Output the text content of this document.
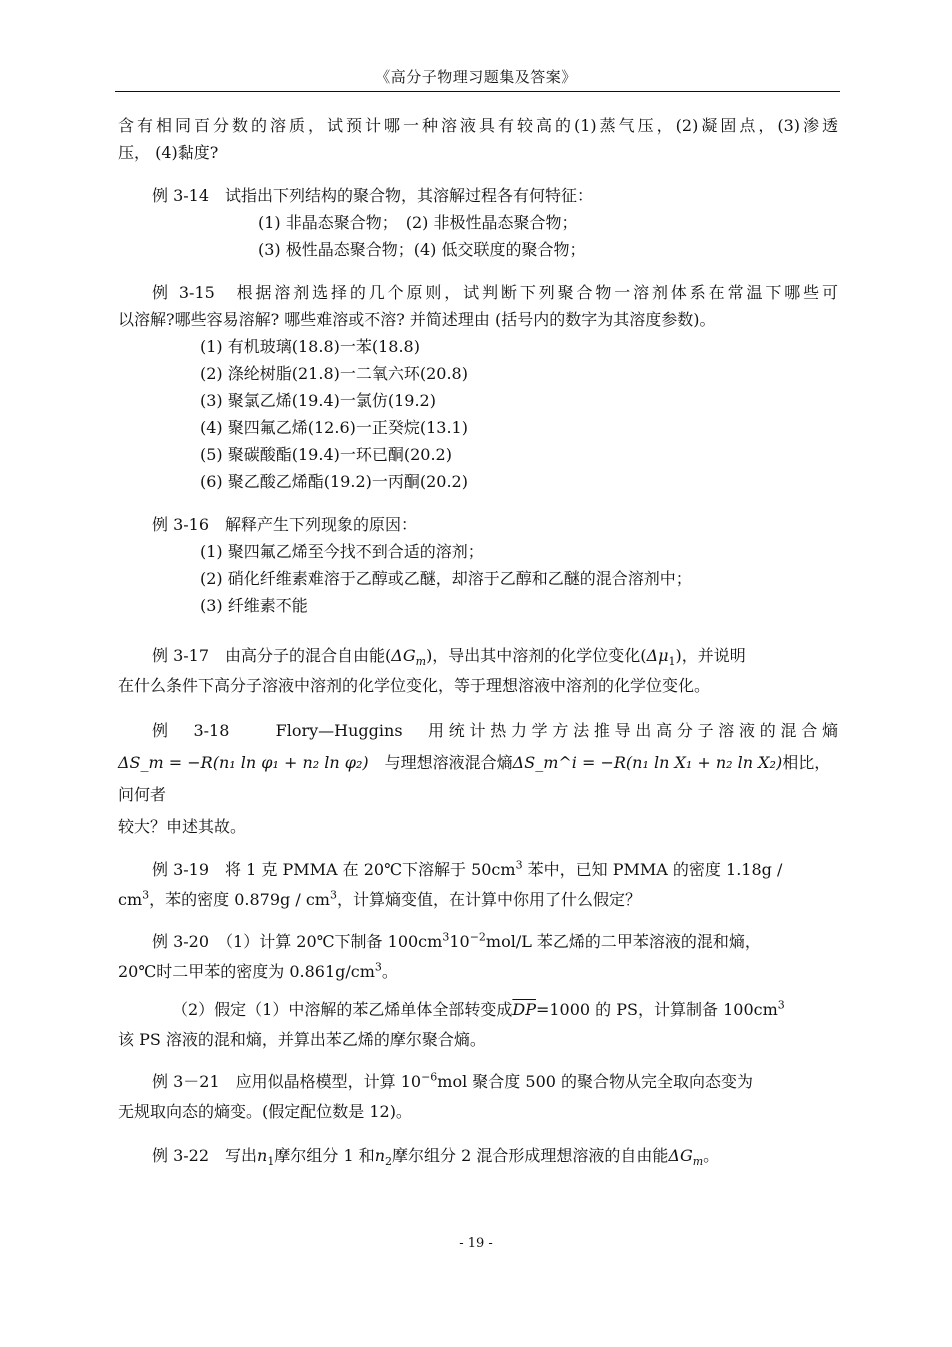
《高分子物理习题集及答案》

含有相同百分数的溶质，试预计哪一种溶液具有较高的(1)蒸气压，(2)凝固点，(3)渗透

压， (4)黏度?

例 3-14　试指出下列结构的聚合物，其溶解过程各有何特征：

(1) 非晶态聚合物；　(2) 非极性晶态聚合物；

(3) 极性晶态聚合物；(4) 低交联度的聚合物；

例 3-15　根据溶剂选择的几个原则，试判断下列聚合物一溶剂体系在常温下哪些可

以溶解?哪些容易溶解? 哪些难溶或不溶? 并简述理由 (括号内的数字为其溶度参数)。

(1) 有机玻璃(18.8)一苯(18.8)

(2) 涤纶树脂(21.8)一二氧六环(20.8)

(3) 聚氯乙烯(19.4)一氯仿(19.2)

(4) 聚四氟乙烯(12.6)一正癸烷(13.1)

(5) 聚碳酸酯(19.4)一环已酮(20.2)

(6) 聚乙酸乙烯酯(19.2)一丙酮(20.2)

例 3-16　解释产生下列现象的原因：

(1) 聚四氟乙烯至今找不到合适的溶剂；

(2) 硝化纤维素难溶于乙醇或乙醚，却溶于乙醇和乙醚的混合溶剂中；

(3) 纤维素不能

例 3-17　由高分子的混合自由能$(\Delta G_m)$，导出其中溶剂的化学位变化$(\Delta\mu_1)$，并说明

在什么条件下高分子溶液中溶剂的化学位变化，等于理想溶液中溶剂的化学位变化。

例　3-18　　Flory—Huggins　用统计热力学方法推导出高分子溶液的混合熵

ΔS_m = −R(n₁ ln φ₁ + n₂ ln φ₂)　 与理想溶液混合熵ΔS_m^i = −R(n₁ ln X₁ + n₂ ln X₂)相比，问何者

较大？申述其故。

例 3-19　将 1 克 PMMA 在 20℃下溶解于 $50cm^3$ 苯中，已知 PMMA 的密度 1.18g /

$cm^3$，苯的密度 $0.879g / cm^3$，计算熵变值，在计算中你用了什么假定？

例 3-20　（1）计算 20℃下制备 $100cm^310^{-2}mol/L$ 苯乙烯的二甲苯溶液的混和熵，

20℃时二甲苯的密度为 $0.861g/cm^3$。

（2）假定（1）中溶解的苯乙烯单体全部转变成$\overline{DP}=1000$ 的 PS，计算制备 $100cm^3$

该 PS 溶液的混和熵，并算出苯乙烯的摩尔聚合熵。

例 3－21　应用似晶格模型，计算 $10^{-6}mol$ 聚合度 500 的聚合物从完全取向态变为

无规取向态的熵变。(假定配位数是 12)。

例 3-22　写出$n_1$摩尔组分 1 和$n_2$摩尔组分 2 混合形成理想溶液的自由能$\Delta G_m$。

- 19 -
